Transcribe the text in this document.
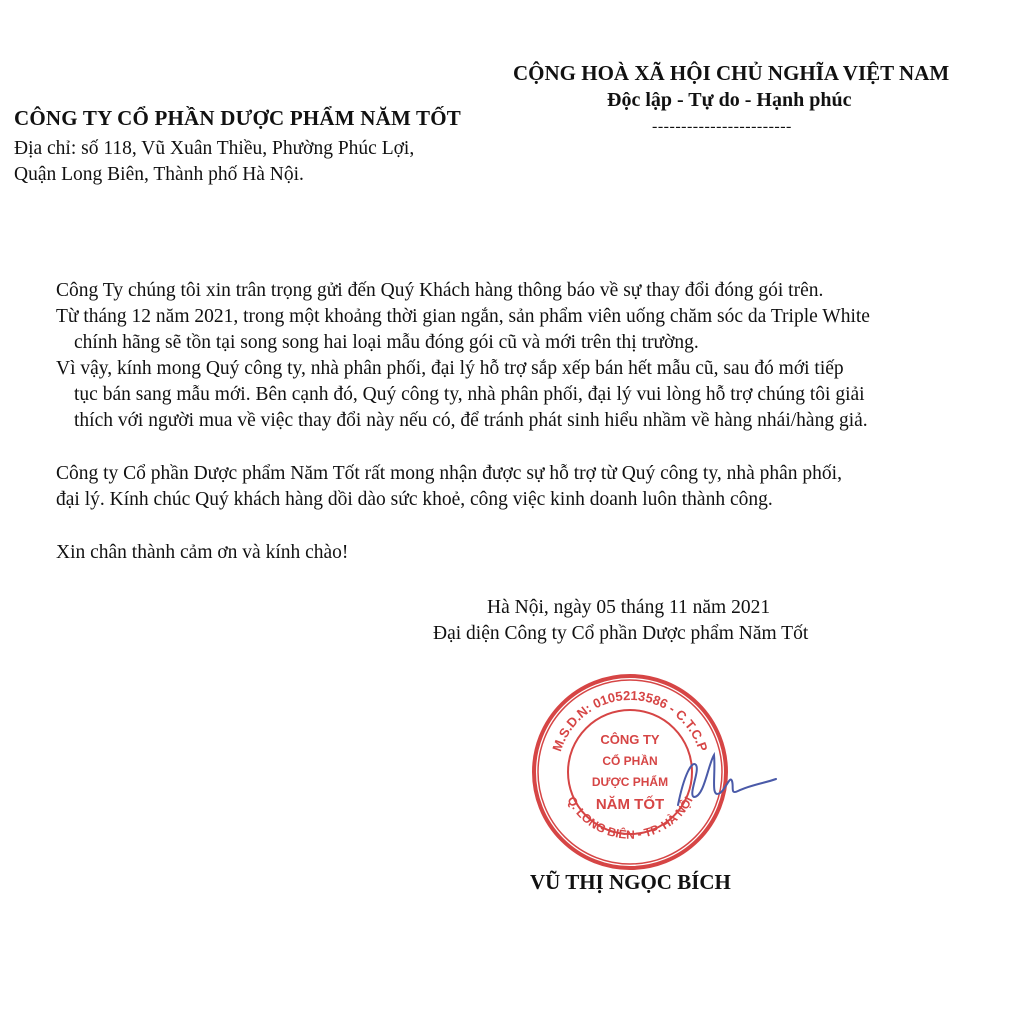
CỘNG HOÀ XÃ HỘI CHỦ NGHĨA VIỆT NAM
Độc lập - Tự do - Hạnh phúc
------------------------
CÔNG TY CỔ PHẦN DƯỢC PHẨM NĂM TỐT
Địa chỉ: số 118, Vũ Xuân Thiều, Phường Phúc Lợi,
Quận Long Biên, Thành phố Hà Nội.

Công Ty chúng tôi xin trân trọng gửi đến Quý Khách hàng thông báo về sự thay đổi đóng gói trên.

Từ tháng 12 năm 2021, trong một khoảng thời gian ngắn, sản phẩm viên uống chăm sóc da Triple White

chính hãng sẽ tồn tại song song hai loại mẫu đóng gói cũ và mới trên thị trường.

Vì vậy, kính mong Quý công ty, nhà phân phối, đại lý hỗ trợ sắp xếp bán hết mẫu cũ, sau đó mới tiếp

tục bán sang mẫu mới. Bên cạnh đó, Quý công ty, nhà phân phối, đại lý vui lòng hỗ trợ chúng tôi giải

thích với người mua về việc thay đổi này nếu có, để tránh phát sinh hiểu nhầm về hàng nhái/hàng giả.

Công ty Cổ phần Dược phẩm Năm Tốt rất mong nhận được sự hỗ trợ từ Quý công ty, nhà phân phối,

đại lý. Kính chúc Quý khách hàng dồi dào sức khoẻ, công việc kinh doanh luôn thành công.

Xin chân thành cảm ơn và kính chào!

Hà Nội, ngày 05 tháng 11 năm 2021
Đại diện Công ty Cổ phần Dược phẩm Năm Tốt
M.S.D.N: 0105213586 - C.T.C.P
Q. LONG BIÊN - TP. HÀ NỘI
CÔNG TY
CỔ PHẦN
DƯỢC PHẨM
NĂM TỐT
VŨ THỊ NGỌC BÍCH
